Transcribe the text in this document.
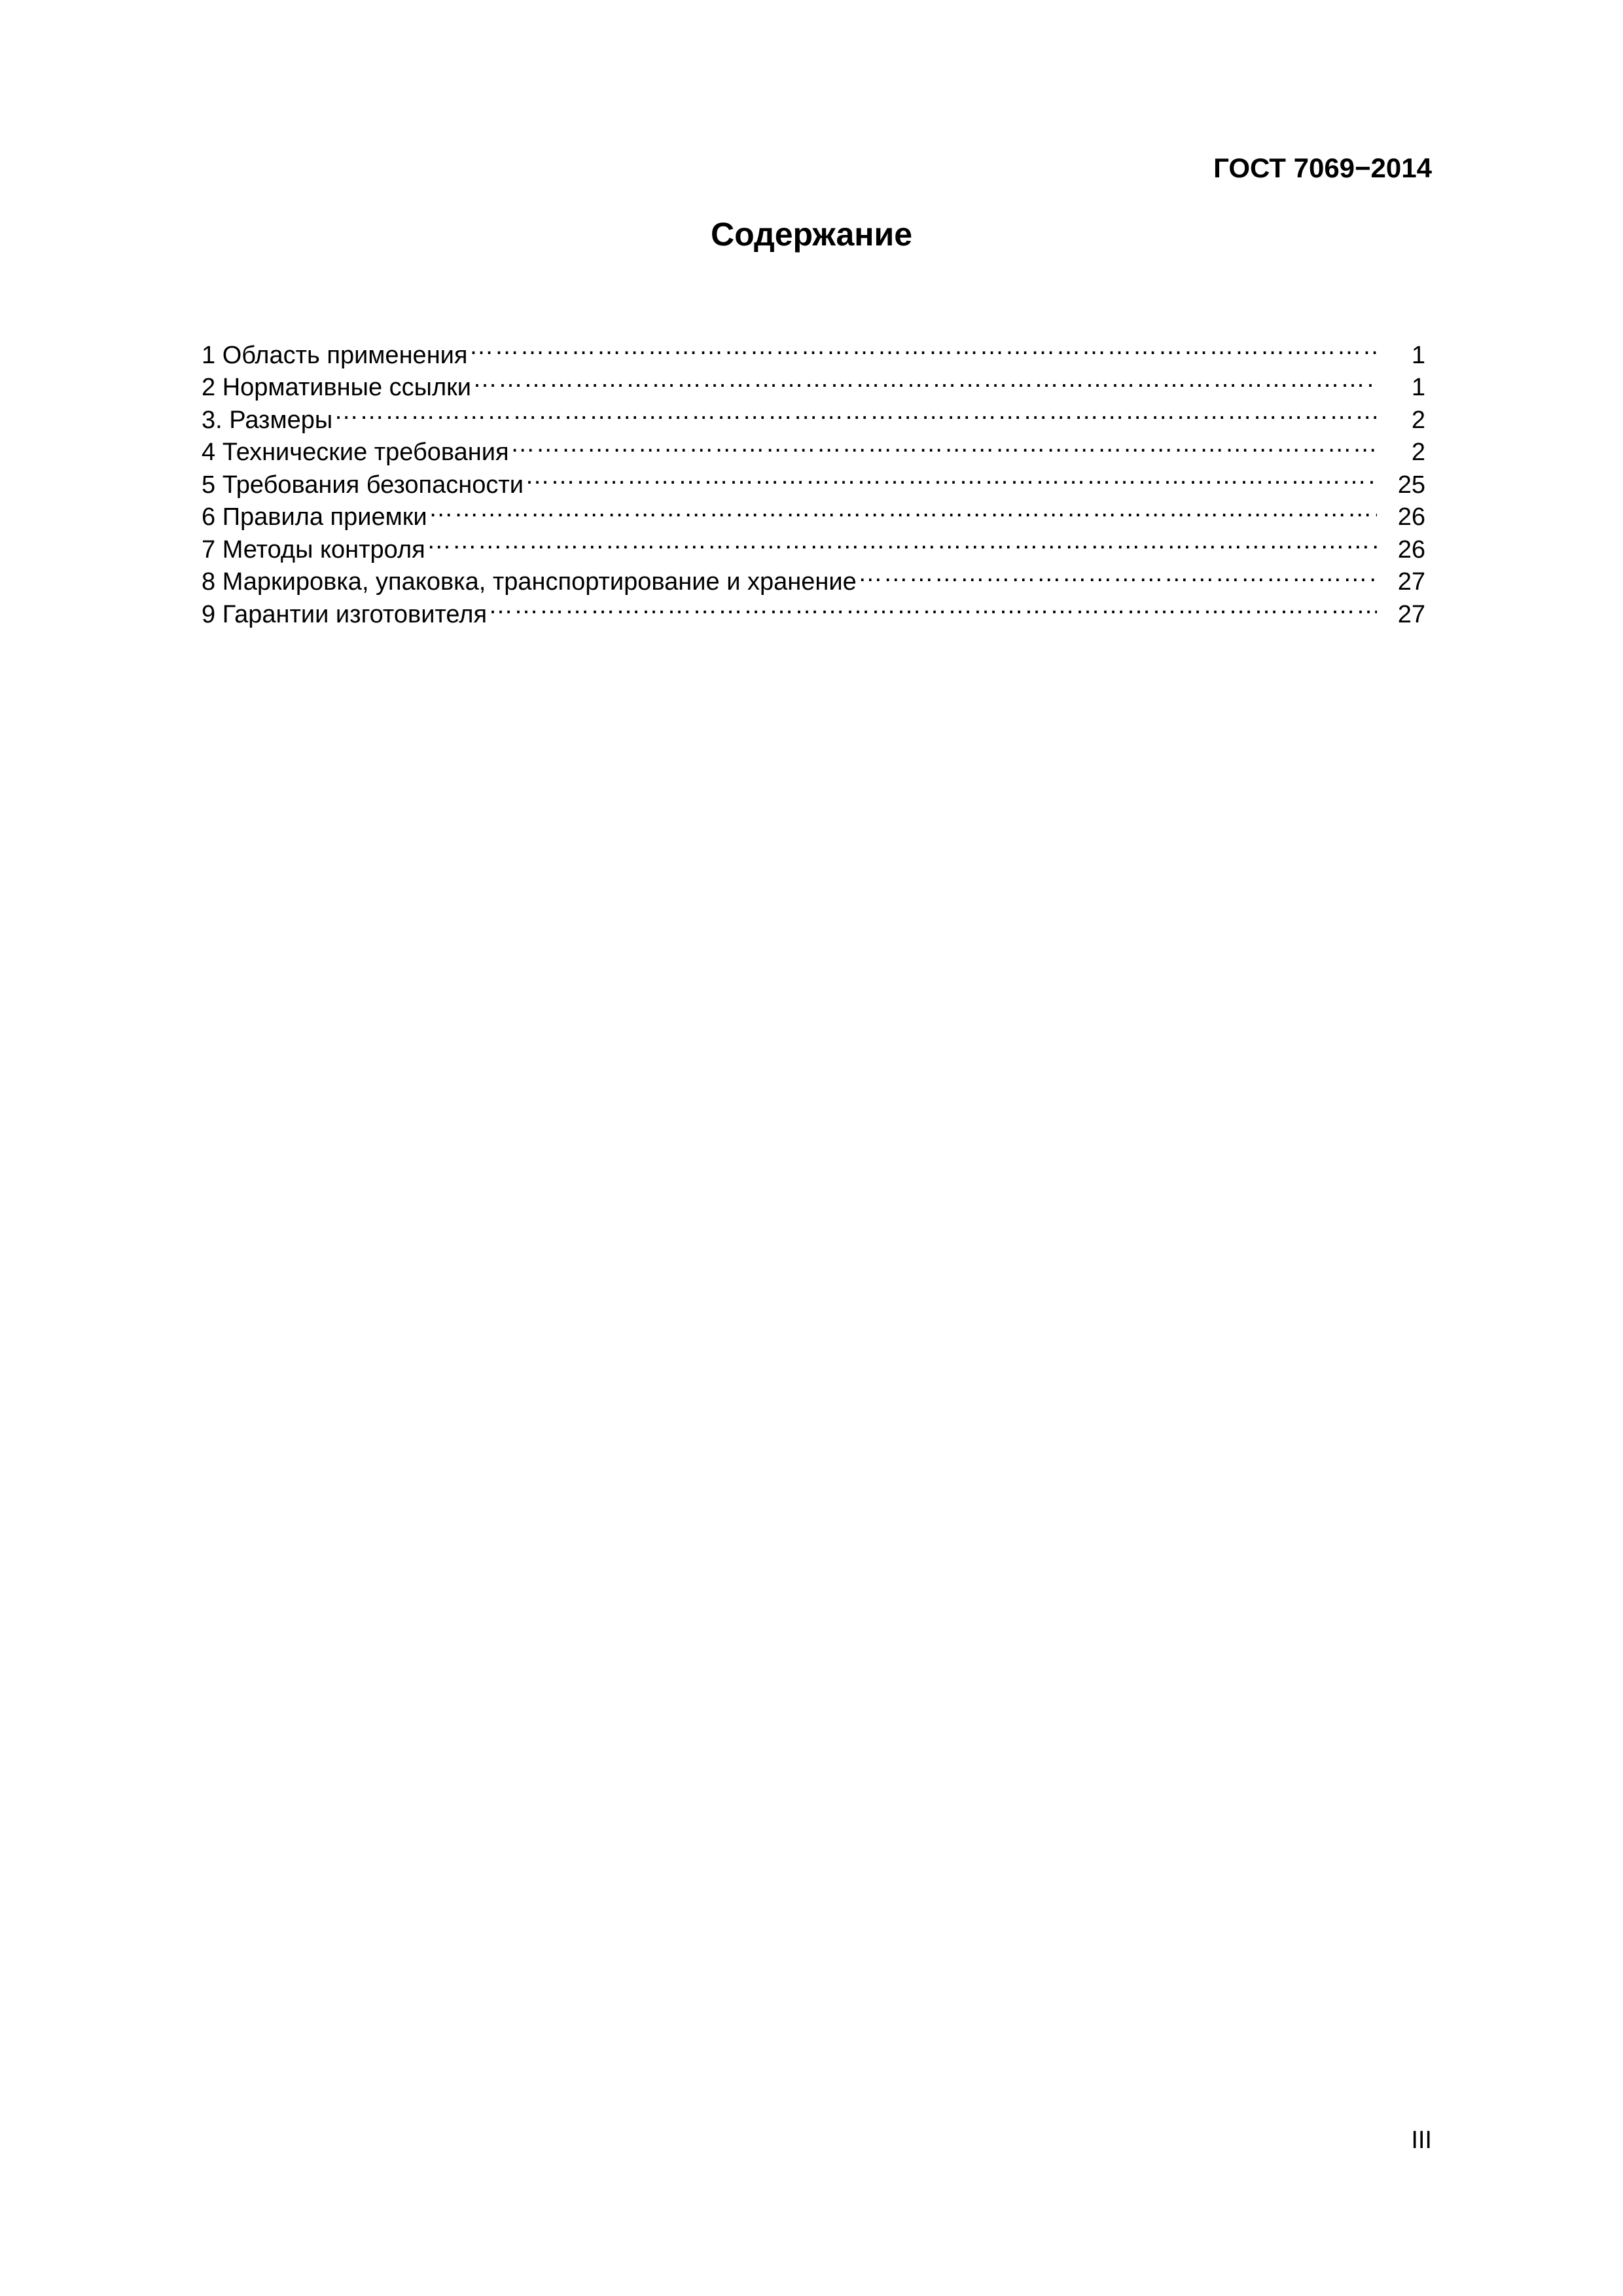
ГОСТ 7069−2014
Содержание
1 Область применения ………………………………………………………………………………………………………………………………………………………………………………………………………	1
2 Нормативные ссылки ………………………………………………………………………………………………………………………………………………………………………………………………………	1
3. Размеры ………………………………………………………………………………………………………………………………………………………………………………………………………	2
4 Технические требования ………………………………………………………………………………………………………………………………………………………………………………………………………	2
5 Требования безопасности ………………………………………………………………………………………………………………………………………………………………………………………………………	25
6 Правила приемки ………………………………………………………………………………………………………………………………………………………………………………………………………	26
7 Методы контроля ………………………………………………………………………………………………………………………………………………………………………………………………………	26
8 Маркировка, упаковка, транспортирование и хранение ………………………………………………………………………………………………………………………………………………………………………………………………………	27
9 Гарантии изготовителя ………………………………………………………………………………………………………………………………………………………………………………………………………	27
III
